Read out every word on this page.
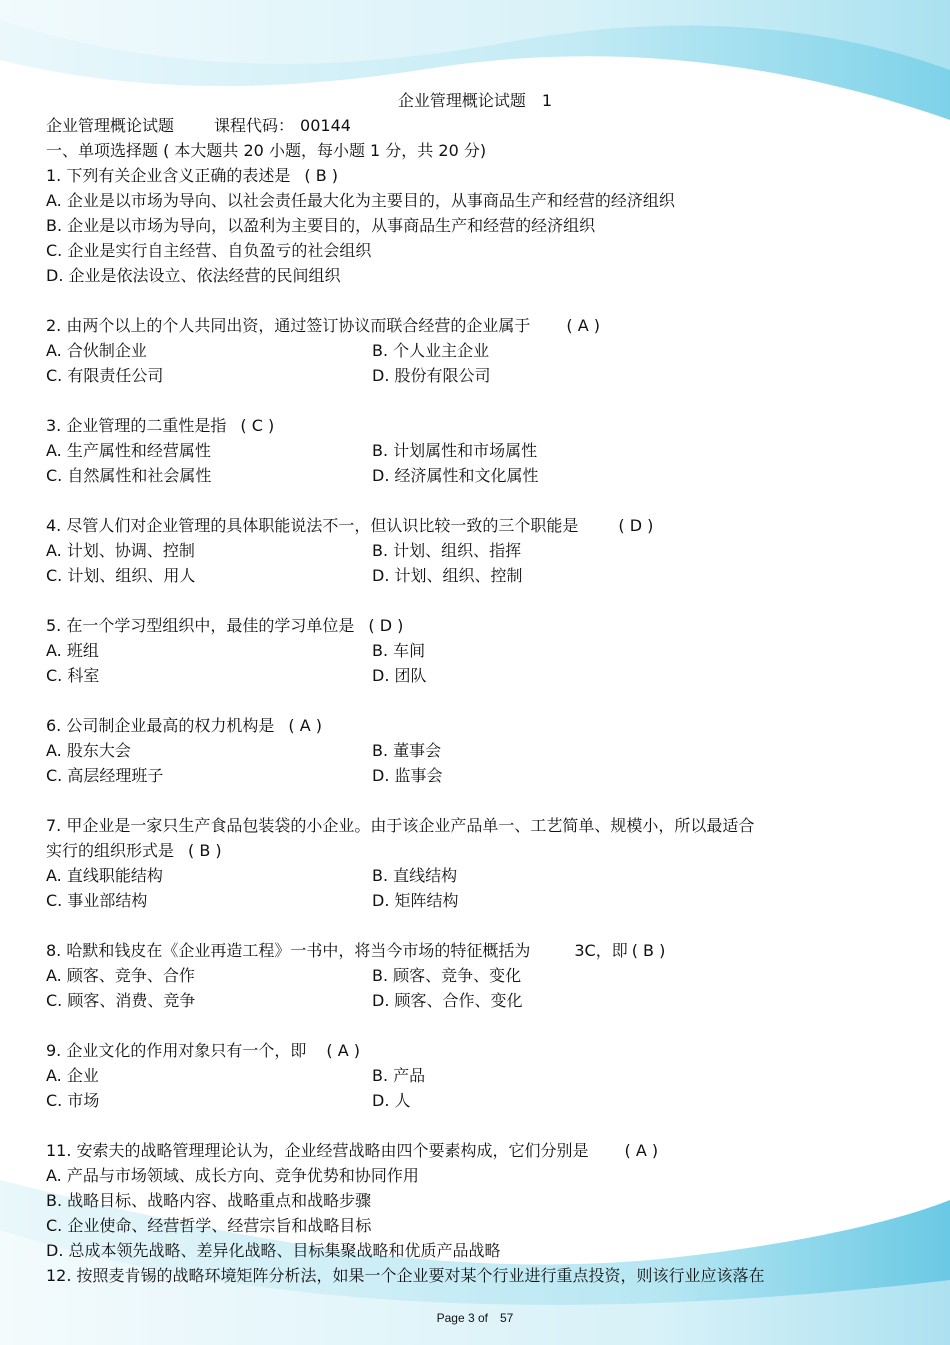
企业管理概论试题　1
企业管理概论试题	课程代码： 00144
一、单项选择题 ( 本大题共 20 小题，每小题 1 分，共 20 分)
1. 下列有关企业含义正确的表述是 ( B )
A. 企业是以市场为导向、以社会责任最大化为主要目的，从事商品生产和经营的经济组织
B. 企业是以市场为导向，以盈利为主要目的，从事商品生产和经营的经济组织
C. 企业是实行自主经营、自负盈亏的社会组织
D. 企业是依法设立、依法经营的民间组织
2. 由两个以上的个人共同出资，通过签订协议而联合经营的企业属于 ( A )
A. 合伙制企业	B. 个人业主企业
C. 有限责任公司	D. 股份有限公司
3. 企业管理的二重性是指 ( C )
A. 生产属性和经营属性	B. 计划属性和市场属性
C. 自然属性和社会属性	D. 经济属性和文化属性
4. 尽管人们对企业管理的具体职能说法不一，但认识比较一致的三个职能是	( D )
A. 计划、协调、控制	B. 计划、组织、指挥
C. 计划、组织、用人	D. 计划、组织、控制
5. 在一个学习型组织中，最佳的学习单位是 ( D )
A. 班组	B. 车间
C. 科室	D. 团队
6. 公司制企业最高的权力机构是 ( A )
A. 股东大会	B. 董事会
C. 高层经理班子	D. 监事会
7. 甲企业是一家只生产食品包装袋的小企业。由于该企业产品单一、工艺简单、规模小，所以最适合
实行的组织形式是 ( B )
A. 直线职能结构	B. 直线结构
C. 事业部结构	D. 矩阵结构
8. 哈默和钱皮在《企业再造工程》一书中，将当今市场的特征概括为	3C，即 ( B )
A. 顾客、竞争、合作	B. 顾客、竞争、变化
C. 顾客、消费、竞争	D. 顾客、合作、变化
9. 企业文化的作用对象只有一个，即 ( A )
A. 企业	B. 产品
C. 市场	D. 人
11. 安索夫的战略管理理论认为，企业经营战略由四个要素构成，它们分别是 ( A )
A. 产品与市场领域、成长方向、竞争优势和协同作用
B. 战略目标、战略内容、战略重点和战略步骤
C. 企业使命、经营哲学、经营宗旨和战略目标
D. 总成本领先战略、差异化战略、目标集聚战略和优质产品战略
12. 按照麦肯锡的战略环境矩阵分析法，如果一个企业要对某个行业进行重点投资，则该行业应该落在
Page 3 of　57
